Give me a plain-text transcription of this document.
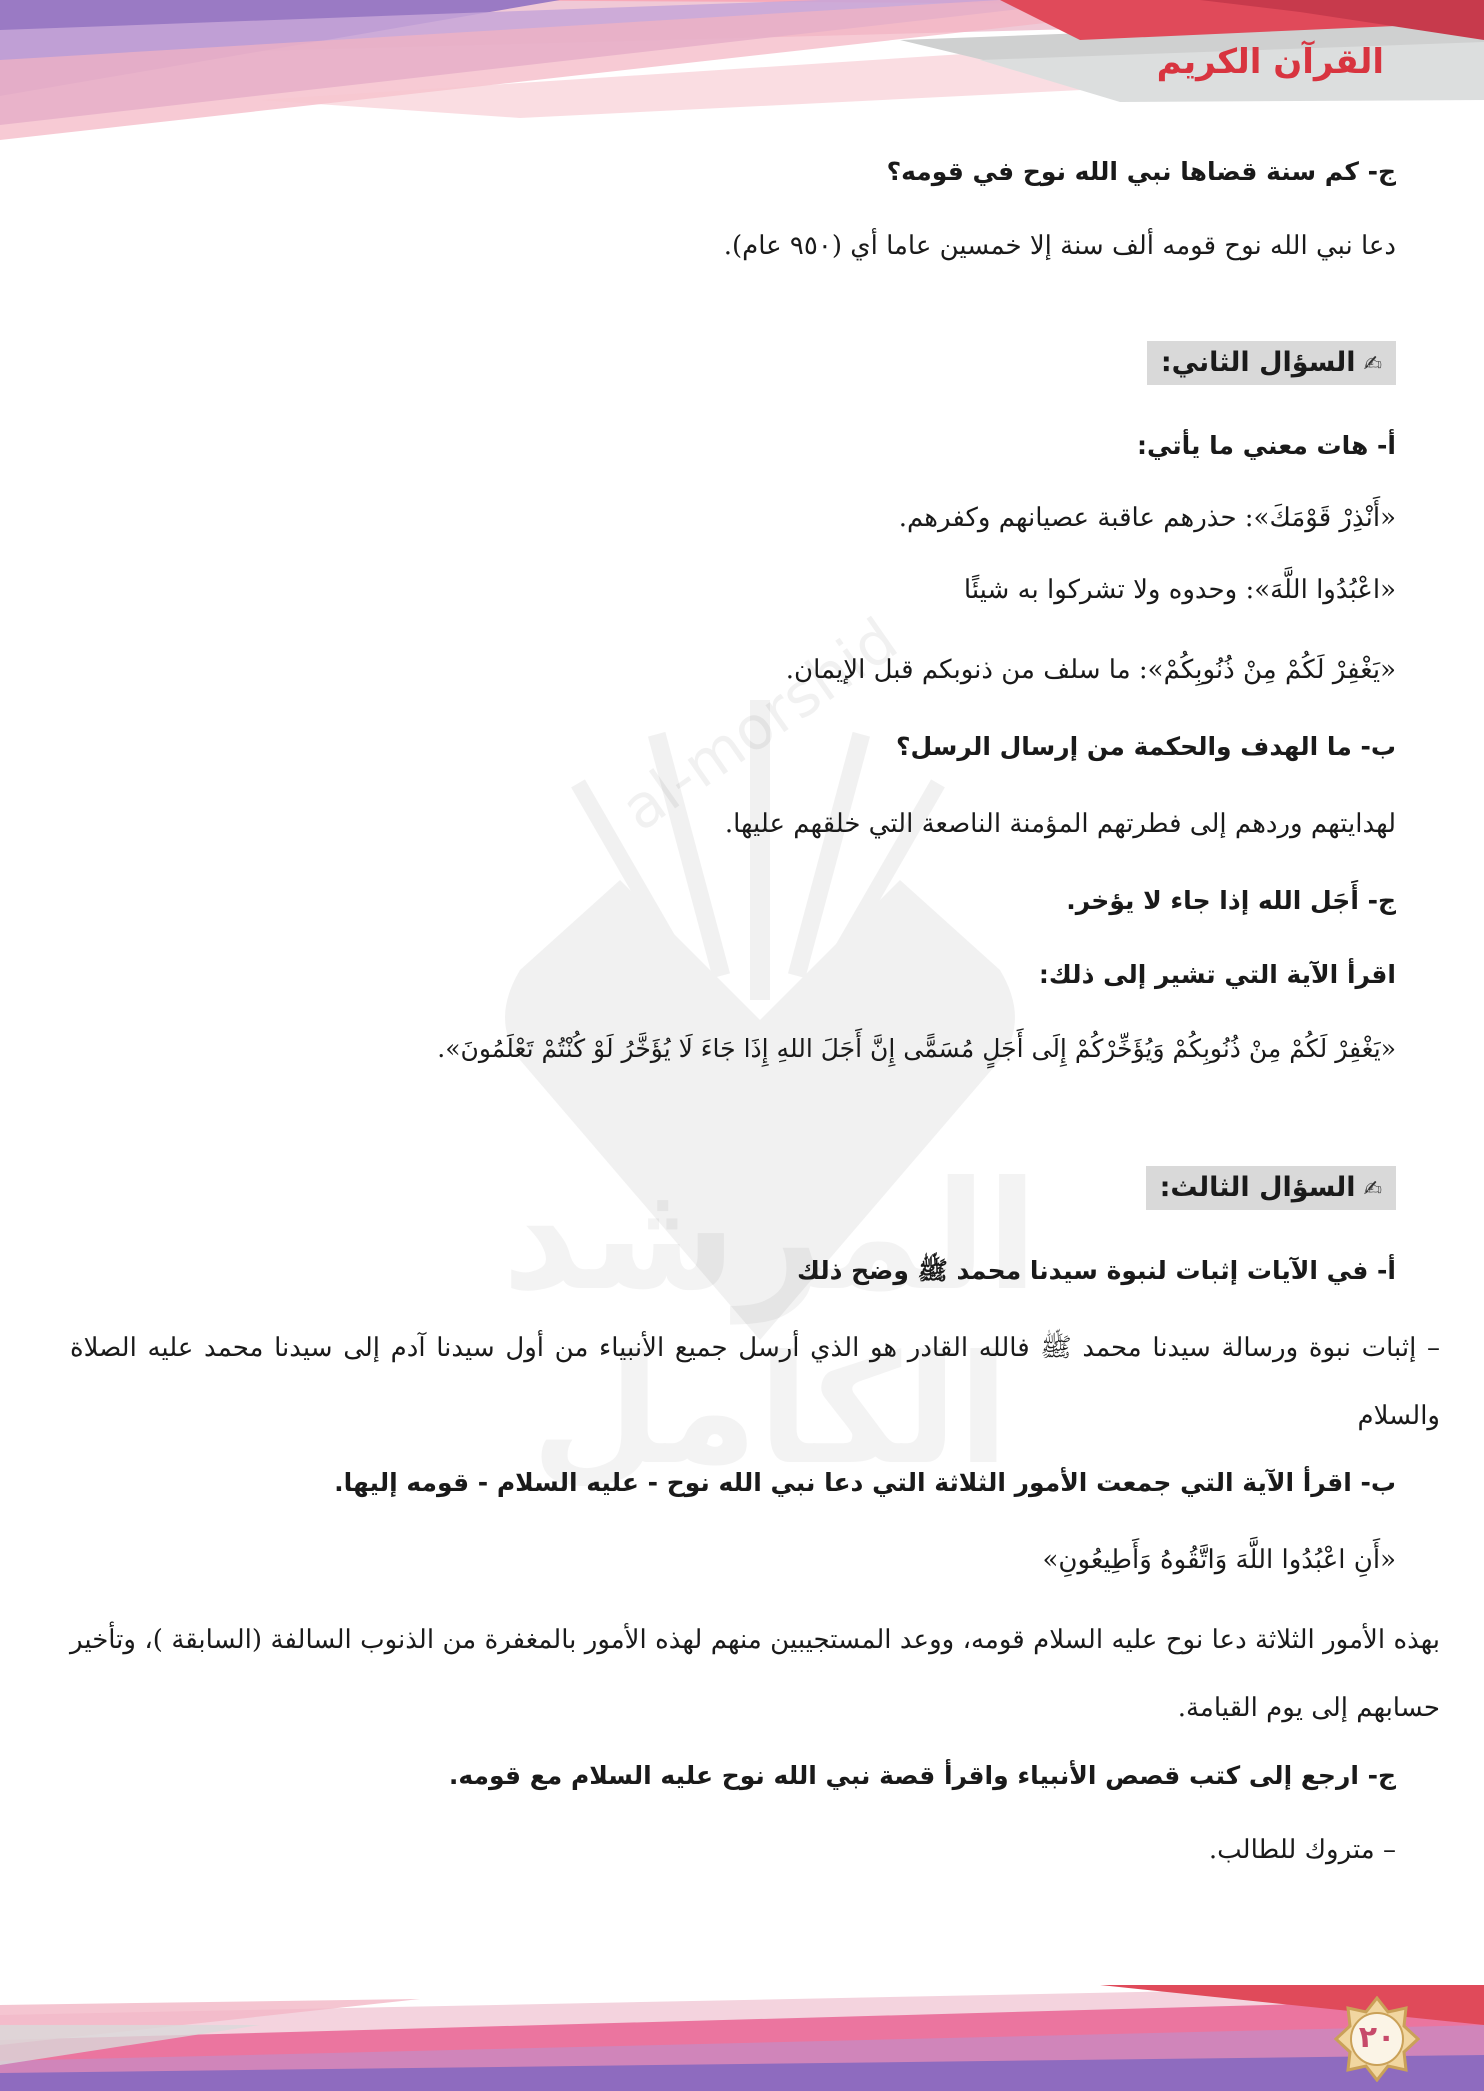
القرآن الكريم
al-morshid

ج- كم سنة قضاها نبي الله نوح في قومه؟
دعا نبي الله نوح قومه ألف سنة إلا خمسين عاما أي (٩٥٠ عام).
✍السؤال الثاني:
أ- هات معني ما يأتي:
«أَنْذِرْ قَوْمَكَ»: حذرهم عاقبة عصيانهم وكفرهم.
«اعْبُدُوا اللَّهَ»: وحدوه ولا تشركوا به شيئًا
«يَغْفِرْ لَكُمْ مِنْ ذُنُوبِكُمْ»: ما سلف من ذنوبكم قبل الإيمان.
ب- ما الهدف والحكمة من إرسال الرسل؟
لهدايتهم وردهم إلى فطرتهم المؤمنة الناصعة التي خلقهم عليها.
ج- أَجَل الله إذا جاء لا يؤخر.
اقرأ الآية التي تشير إلى ذلك:
«يَغْفِرْ لَكُمْ مِنْ ذُنُوبِكُمْ وَيُؤَخِّرْكُمْ إِلَى أَجَلٍ مُسَمًّى إِنَّ أَجَلَ اللهِ إِذَا جَاءَ لَا يُؤَخَّرُ لَوْ كُنْتُمْ تَعْلَمُونَ».
✍السؤال الثالث:
أ- في الآيات إثبات لنبوة سيدنا محمد ﷺ وضح ذلك
– إثبات نبوة ورسالة سيدنا محمد ﷺ فالله القادر هو الذي أرسل جميع الأنبياء من أول سيدنا آدم إلى سيدنا محمد عليه الصلاة والسلام
ب- اقرأ الآية التي جمعت الأمور الثلاثة التي دعا نبي الله نوح - عليه السلام - قومه إليها.
«أَنِ اعْبُدُوا اللَّهَ وَاتَّقُوهُ وَأَطِيعُونِ»
بهذه الأمور الثلاثة دعا نوح عليه السلام قومه، ووعد المستجيبين منهم لهذه الأمور بالمغفرة من الذنوب السالفة (السابقة )، وتأخير حسابهم إلى يوم القيامة.
ج- ارجع إلى كتب قصص الأنبياء واقرأ قصة نبي الله نوح عليه السلام مع قومه.
– متروك للطالب.
٢٠
